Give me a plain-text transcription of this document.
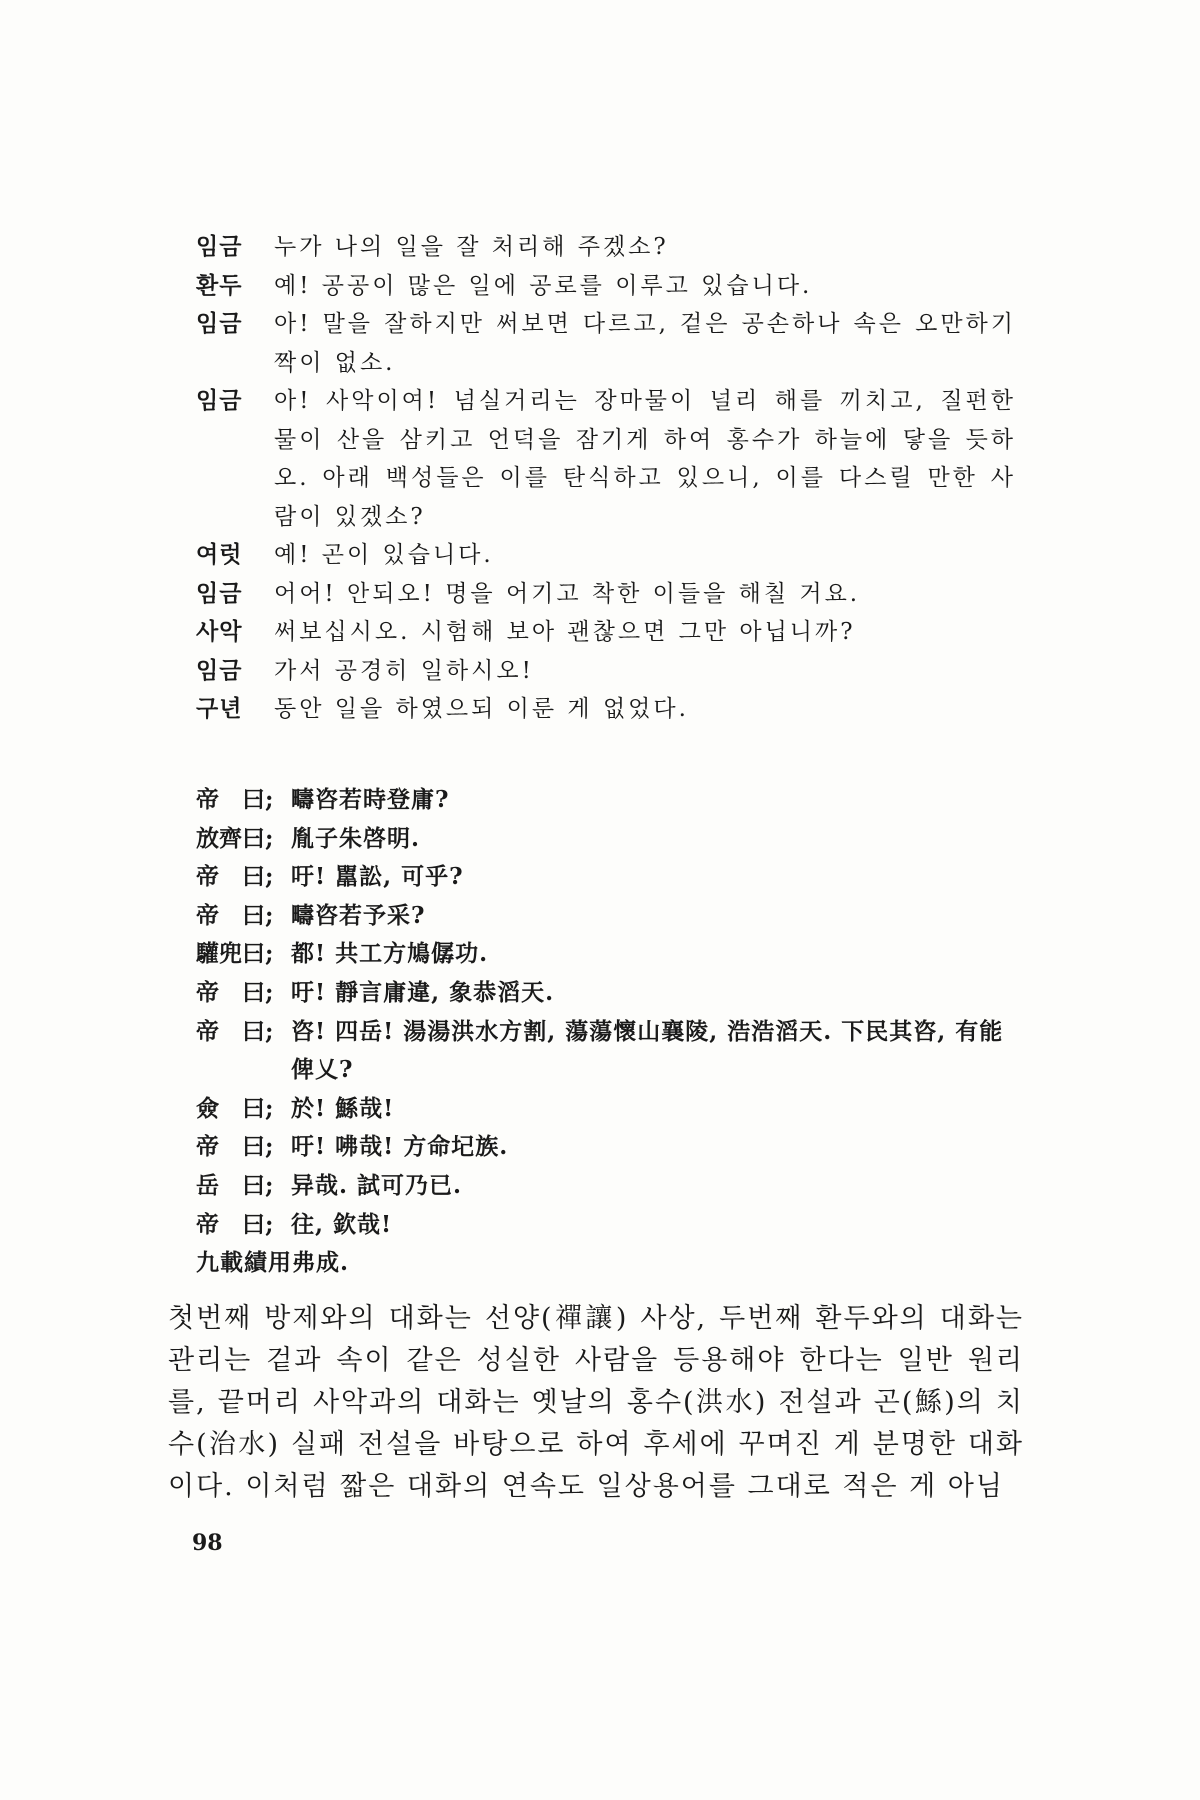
임금	누가 나의 일을 잘 처리해 주겠소?
환두	예! 공공이 많은 일에 공로를 이루고 있습니다.
임금	아! 말을 잘하지만 써보면 다르고, 겉은 공손하나 속은 오만하기 짝이 없소.
임금	아! 사악이여! 넘실거리는 장마물이 널리 해를 끼치고, 질펀한 물이 산을 삼키고 언덕을 잠기게 하여 홍수가 하늘에 닿을 듯하오. 아래 백성들은 이를 탄식하고 있으니, 이를 다스릴 만한 사람이 있겠소?
여럿	예! 곤이 있습니다.
임금	어어! 안되오! 명을 어기고 착한 이들을 해칠 거요.
사악	써보십시오. 시험해 보아 괜찮으면 그만 아닙니까?
임금	가서 공경히 일하시오!
구년	동안 일을 하였으되 이룬 게 없었다.
帝　曰; 疇咨若時登庸?
放齊曰; 胤子朱啓明.
帝　曰; 吁! 嚚訟, 可乎?
帝　曰; 疇咨若予采?
驩兜曰; 都! 共工方鳩僝功.
帝　曰; 吁! 靜言庸違, 象恭滔天.
帝　曰; 咨! 四岳! 湯湯洪水方割, 蕩蕩懷山襄陵, 浩浩滔天. 下民其咨, 有能俾乂?
僉　曰; 於! 鯀哉!
帝　曰; 吁! 咈哉! 方命圮族.
岳　曰; 异哉. 試可乃已.
帝　曰; 往, 欽哉!
九載績用弗成.

첫번째 방제와의 대화는 선양(禪讓) 사상, 두번째 환두와의 대화는 관리는 겉과 속이 같은 성실한 사람을 등용해야 한다는 일반 원리를, 끝머리 사악과의 대화는 옛날의 홍수(洪水) 전설과 곤(鯀)의 치수(治水) 실패 전설을 바탕으로 하여 후세에 꾸며진 게 분명한 대화이다. 이처럼 짧은 대화의 연속도 일상용어를 그대로 적은 게 아님

98
